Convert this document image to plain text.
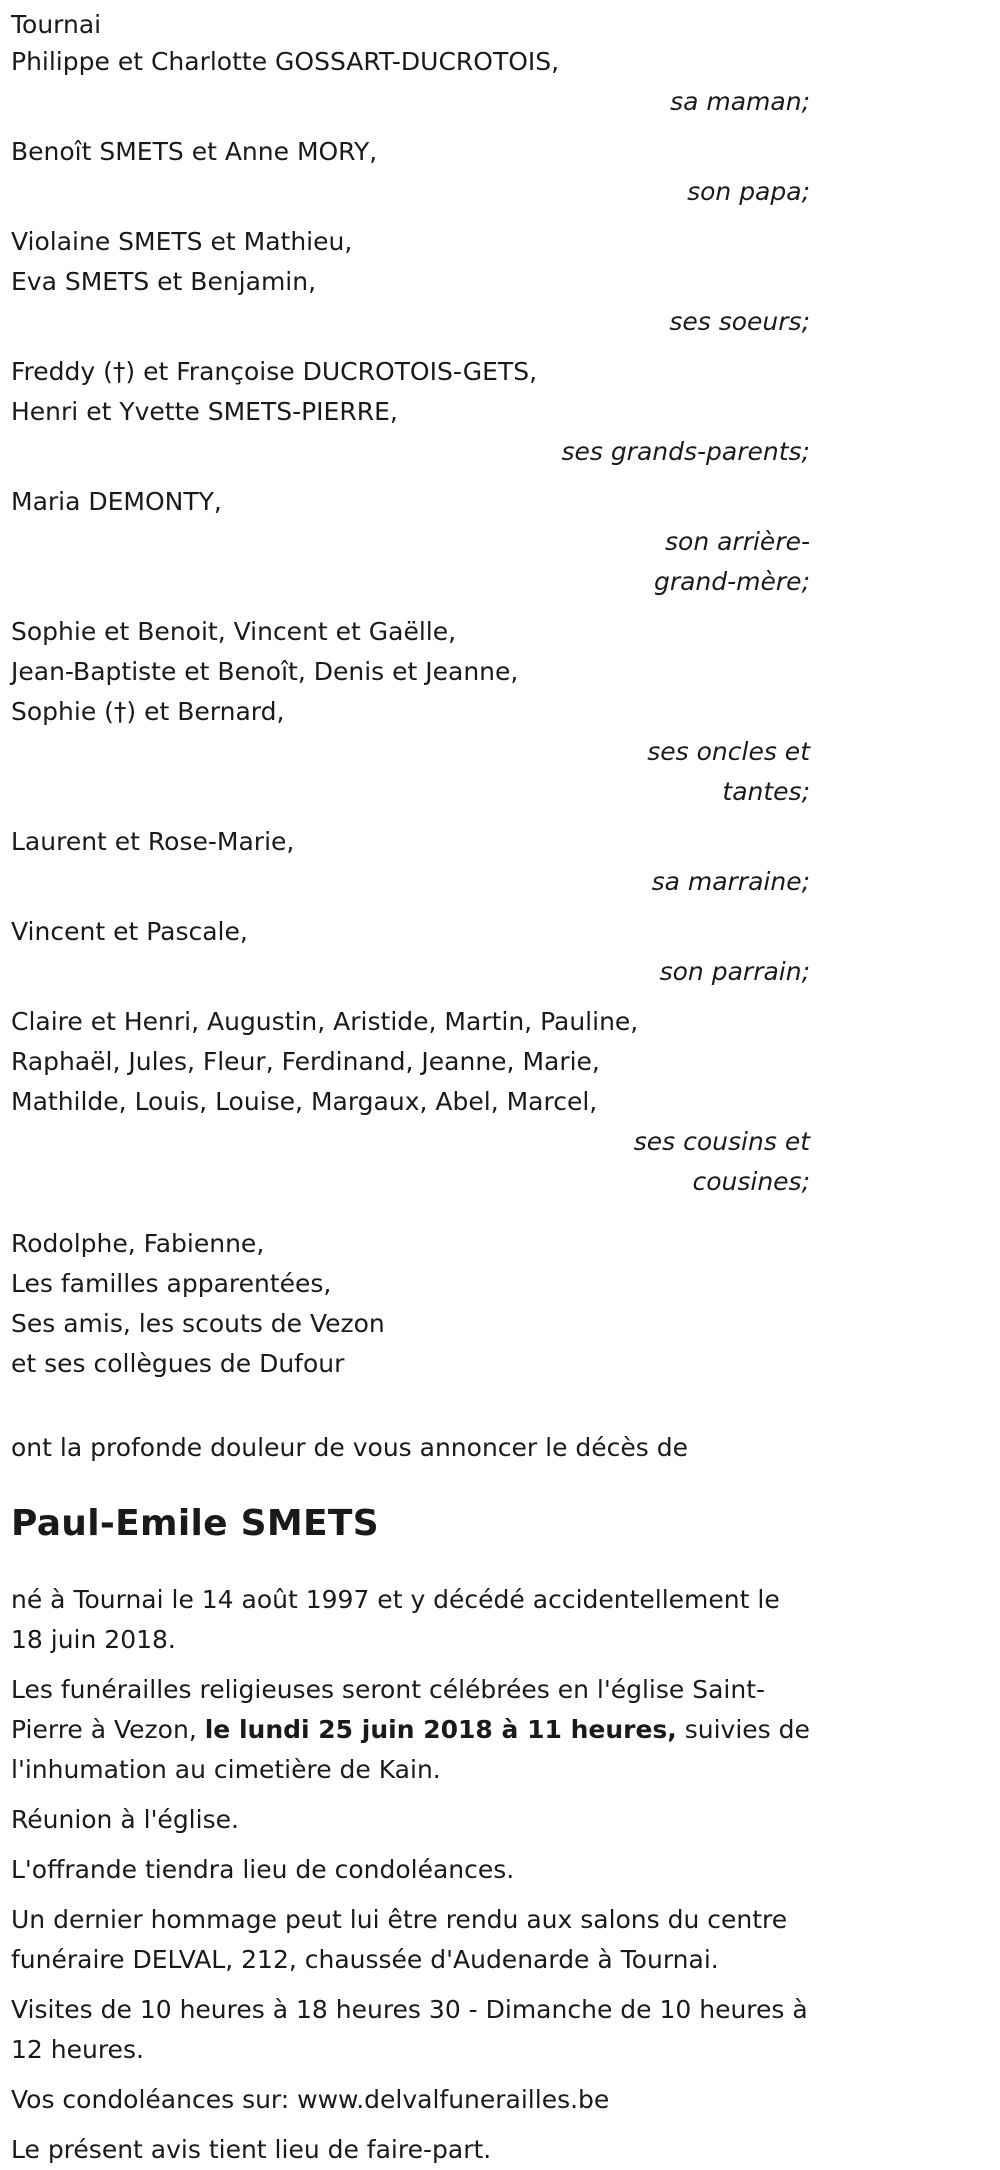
Tournai

Philippe et Charlotte GOSSART-DUCROTOIS,

sa maman;

Benoît SMETS et Anne MORY,

son papa;

Violaine SMETS et Mathieu,

Eva SMETS et Benjamin,

ses soeurs;

Freddy (†) et Françoise DUCROTOIS-GETS,

Henri et Yvette SMETS-PIERRE,

ses grands-parents;

Maria DEMONTY,

son arrière-

grand-mère;

Sophie et Benoit, Vincent et Gaëlle,

Jean-Baptiste et Benoît, Denis et Jeanne,

Sophie (†) et Bernard,

ses oncles et

tantes;

Laurent et Rose-Marie,

sa marraine;

Vincent et Pascale,

son parrain;

Claire et Henri, Augustin, Aristide, Martin, Pauline,

Raphaël, Jules, Fleur, Ferdinand, Jeanne, Marie,

Mathilde, Louis, Louise, Margaux, Abel, Marcel,

ses cousins et

cousines;

Rodolphe, Fabienne,

Les familles apparentées,

Ses amis, les scouts de Vezon

et ses collègues de Dufour

ont la profonde douleur de vous annoncer le décès de

Paul-Emile SMETS

né à Tournai le 14 août 1997 et y décédé accidentellement le 18 juin 2018.

Les funérailles religieuses seront célébrées en l'église Saint-Pierre à Vezon, le lundi 25 juin 2018 à 11 heures, suivies de l'inhumation au cimetière de Kain.

Réunion à l'église.

L'offrande tiendra lieu de condoléances.

Un dernier hommage peut lui être rendu aux salons du centre funéraire DELVAL, 212, chaussée d'Audenarde à Tournai.

Visites de 10 heures à 18 heures 30 - Dimanche de 10 heures à 12 heures.

Vos condoléances sur: www.delvalfunerailles.be

Le présent avis tient lieu de faire-part.
